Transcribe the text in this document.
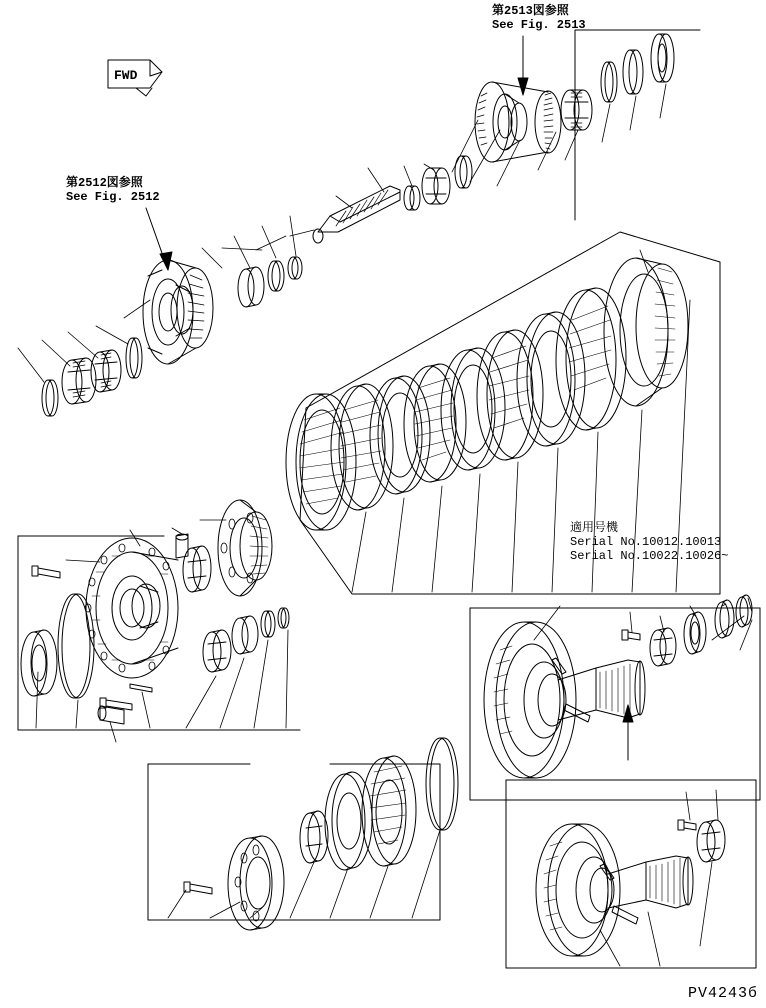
第2513図参照
See Fig. 2513
第2512図参照
See Fig. 2512
適用号機
Serial No.10012.10013
Serial No.10022.10026~
FWD
PV4243б
